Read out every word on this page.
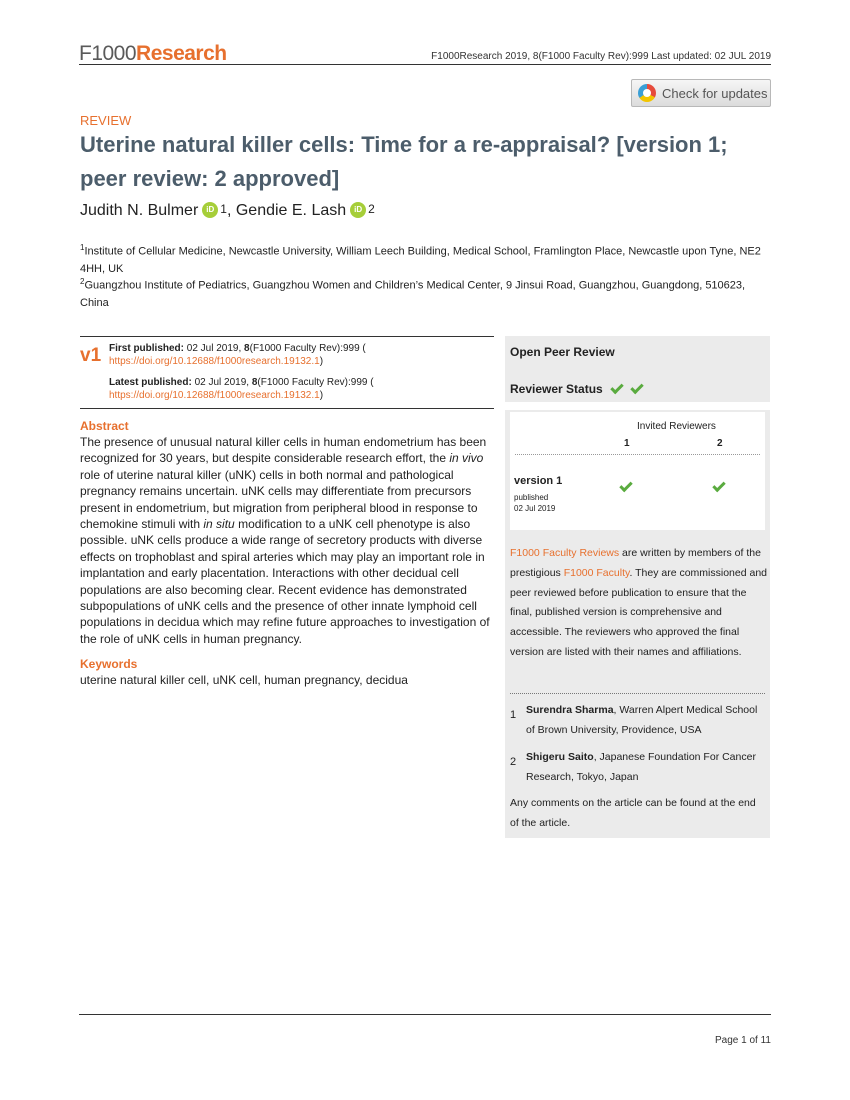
F1000Research	F1000Research 2019, 8(F1000 Faculty Rev):999 Last updated: 02 JUL 2019
Check for updates
REVIEW
Uterine natural killer cells: Time for a re-appraisal? [version 1; peer review: 2 approved]
Judith N. Bulmer	iD 1 , Gendie E. Lash	iD 2
$^1$Institute of Cellular Medicine, Newcastle University, William Leech Building, Medical School, Framlington Place, Newcastle upon Tyne, NE2 4HH, UK
$^2$Guangzhou Institute of Pediatrics, Guangzhou Women and Children’s Medical Center, 9 Jinsui Road, Guangzhou, Guangdong, 510623, China
v1 First published: 02 Jul 2019, 8(F1000 Faculty Rev):999 (
https://doi.org/10.12688/f1000research.19132.1)
Latest published: 02 Jul 2019, 8(F1000 Faculty Rev):999 (
https://doi.org/10.12688/f1000research.19132.1)
Abstract
The presence of unusual natural killer cells in human endometrium has been recognized for 30 years, but despite considerable research effort, the in vivo role of uterine natural killer (uNK) cells in both normal and pathological pregnancy remains uncertain. uNK cells may differentiate from precursors present in endometrium, but migration from peripheral blood in response to chemokine stimuli with in situ modification to a uNK cell phenotype is also possible. uNK cells produce a wide range of secretory products with diverse effects on trophoblast and spiral arteries which may play an important role in implantation and early placentation. Interactions with other decidual cell populations are also becoming clear. Recent evidence has demonstrated subpopulations of uNK cells and the presence of other innate lymphoid cell populations in decidua which may refine future approaches to investigation of the role of uNK cells in human pregnancy.
Keywords
uterine natural killer cell, uNK cell, human pregnancy, decidua
Open Peer Review
Reviewer Status
Invited Reviewers
1	2
version 1
published
02 Jul 2019
F1000 Faculty Reviews are written by members of the prestigious F1000 Faculty. They are commissioned and peer reviewed before publication to ensure that the final, published version is comprehensive and accessible. The reviewers who approved the final version are listed with their names and affiliations.
1 Surendra Sharma, Warren Alpert Medical School of Brown University, Providence, USA
2 Shigeru Saito, Japanese Foundation For Cancer Research, Tokyo, Japan
Any comments on the article can be found at the end of the article.
Page 1 of 11
